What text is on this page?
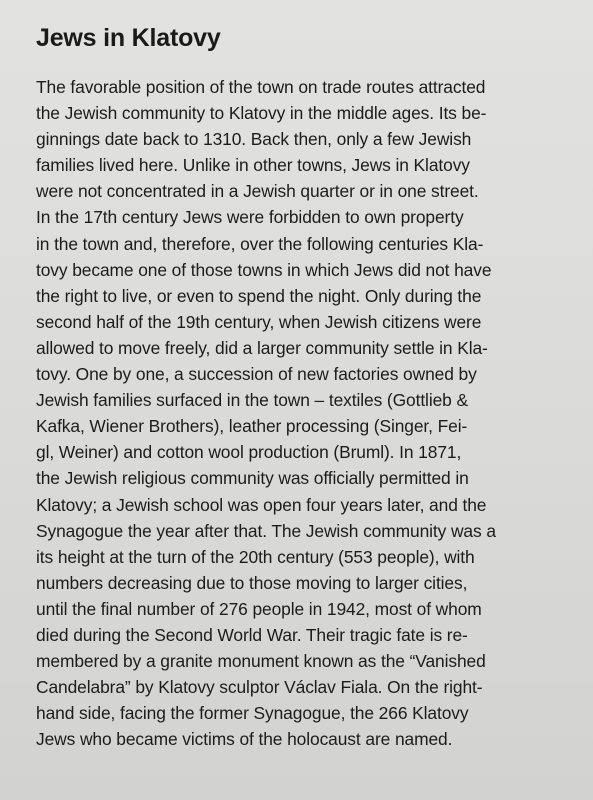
Jews in Klatovy
The favorable position of the town on trade routes attracted
the Jewish community to Klatovy in the middle ages. Its be-
ginnings date back to 1310. Back then, only a few Jewish
families lived here. Unlike in other towns, Jews in Klatovy
were not concentrated in a Jewish quarter or in one street.
In the 17th century Jews were forbidden to own property
in the town and, therefore, over the following centuries Kla-
tovy became one of those towns in which Jews did not have
the right to live, or even to spend the night. Only during the
second half of the 19th century, when Jewish citizens were
allowed to move freely, did a larger community settle in Kla-
tovy. One by one, a succession of new factories owned by
Jewish families surfaced in the town – textiles (Gottlieb &
Kafka, Wiener Brothers), leather processing (Singer, Fei-
gl, Weiner) and cotton wool production (Bruml). In 1871,
the Jewish religious community was officially permitted in
Klatovy; a Jewish school was open four years later, and the
Synagogue the year after that. The Jewish community was a
its height at the turn of the 20th century (553 people), with
numbers decreasing due to those moving to larger cities,
until the final number of 276 people in 1942, most of whom
died during the Second World War. Their tragic fate is re-
membered by a granite monument known as the “Vanished
Candelabra” by Klatovy sculptor Václav Fiala. On the right-
hand side, facing the former Synagogue, the 266 Klatovy
Jews who became victims of the holocaust are named.
